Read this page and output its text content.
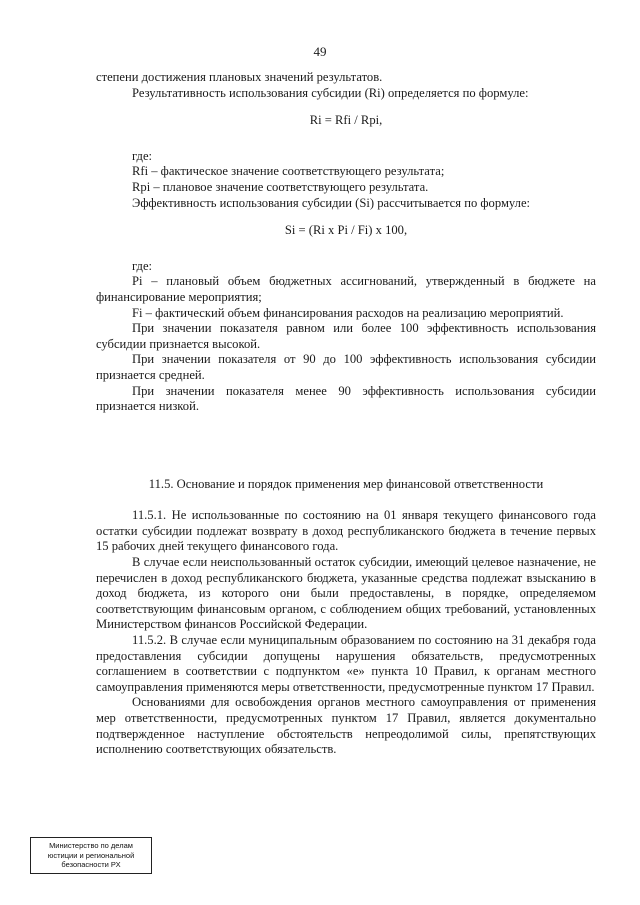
49

степени достижения плановых значений результатов.

Результативность использования субсидии (Ri) определяется по формуле:

Ri = Rfi / Rpi,

где:

Rfi – фактическое значение соответствующего результата;

Rpi – плановое значение соответствующего результата.

Эффективность использования субсидии (Si) рассчитывается по формуле:

Si = (Ri x Pi / Fi) x 100,

где:

Pi – плановый объем бюджетных ассигнований, утвержденный в бюджете на финансирование мероприятия;

Fi – фактический объем финансирования расходов на реализацию мероприятий.

При значении показателя равном или более 100 эффективность использования субсидии признается высокой.

При значении показателя от 90 до 100 эффективность использования субсидии признается средней.

При значении показателя менее 90 эффективность использования субсидии признается низкой.

11.5. Основание и порядок применения мер финансовой ответственности

11.5.1. Не использованные по состоянию на 01 января текущего финансового года остатки субсидии подлежат возврату в доход республиканского бюджета в течение первых 15 рабочих дней текущего финансового года.

В случае если неиспользованный остаток субсидии, имеющий целевое назначение, не перечислен в доход республиканского бюджета, указанные средства подлежат взысканию в доход бюджета, из которого они были предоставлены, в порядке, определяемом соответствующим финансовым органом, с соблюдением общих требований, установленных Министерством финансов Российской Федерации.

11.5.2. В случае если муниципальным образованием по состоянию на 31 декабря года предоставления субсидии допущены нарушения обязательств, предусмотренных соглашением в соответствии с подпунктом «е» пункта 10 Правил, к органам местного самоуправления применяются меры ответственности, предусмотренные пунктом 17 Правил.

Основаниями для освобождения органов местного самоуправления от применения мер ответственности, предусмотренных пунктом 17 Правил, является документально подтвержденное наступление обстоятельств непреодолимой силы, препятствующих исполнению соответствующих обязательств.

Министерство по делам
юстиции и региональной
безопасности РХ
